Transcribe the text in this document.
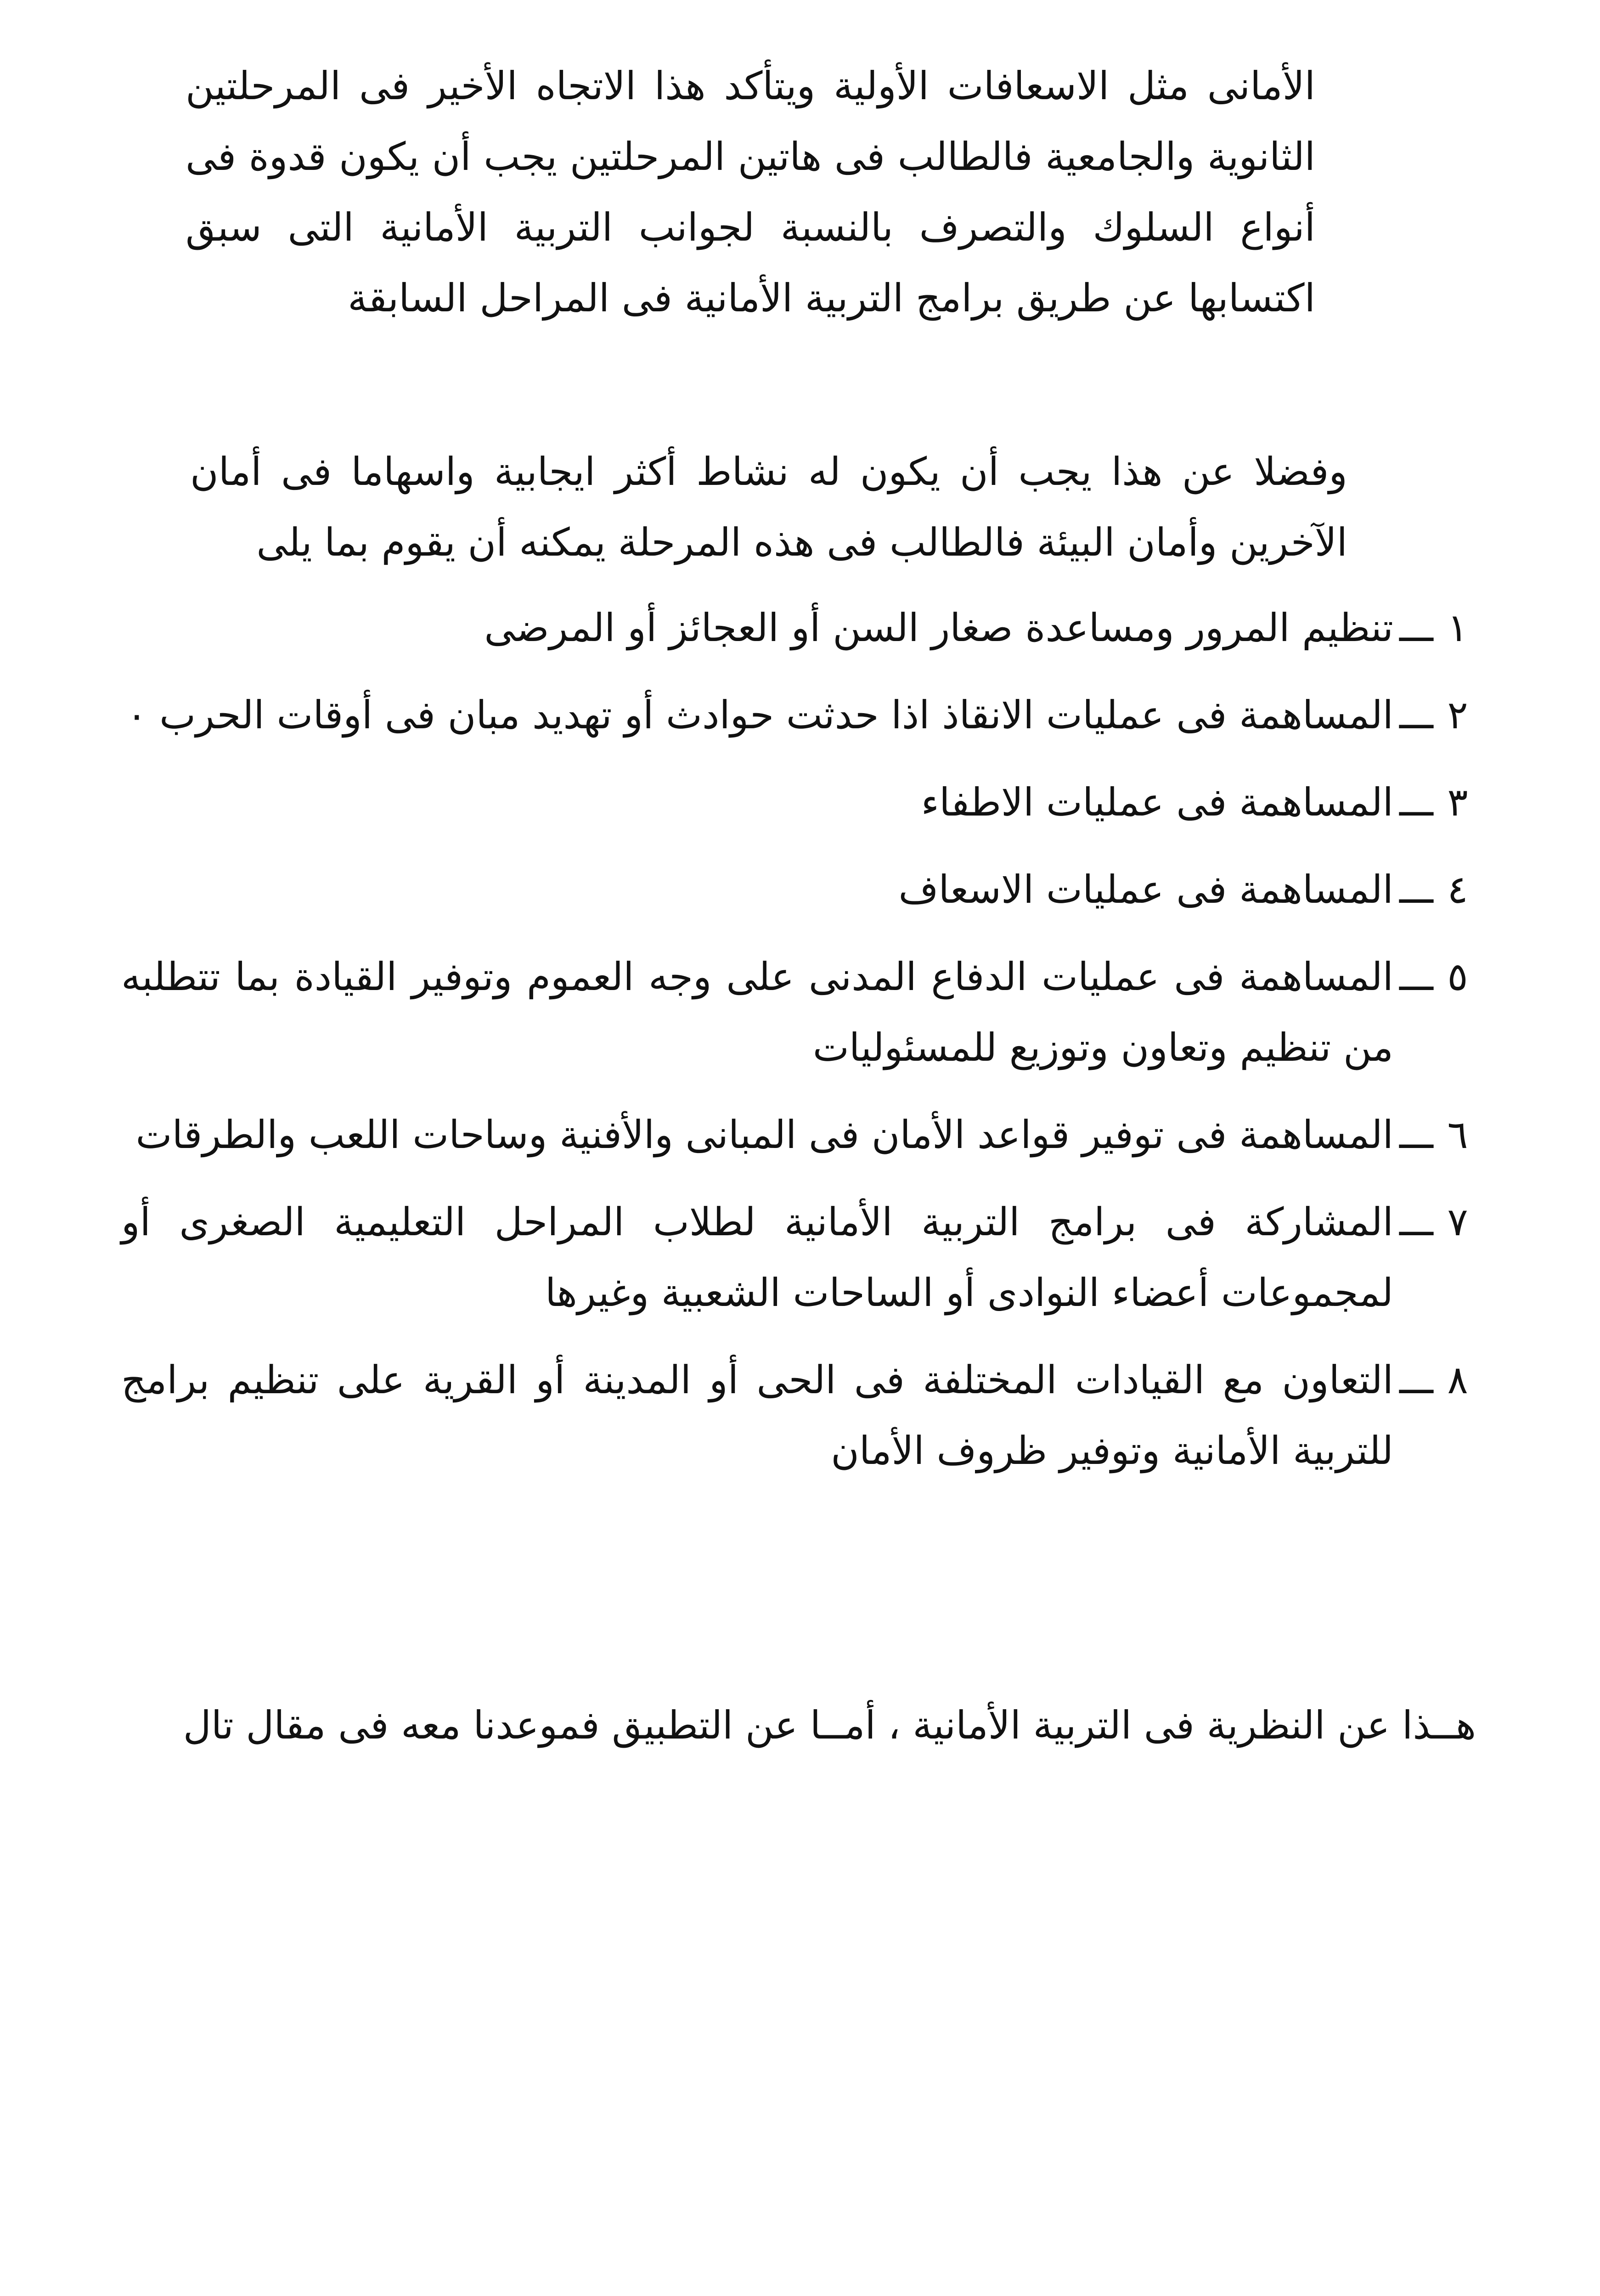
الأمانى مثل الاسعافات الأولية ويتأكد هذا الاتجاه الأخير فى المرحلتين الثانوية والجامعية فالطالب فى هاتين المرحلتين يجب أن يكون قدوة فى أنواع السلوك والتصرف بالنسبة لجوانب التربية الأمانية التى سبق اكتسابها عن طريق برامج التربية الأمانية فى المراحل السابقة

وفضلا عن هذا يجب أن يكون له نشاط أكثر ايجابية واسهاما فى أمان الآخرين وأمان البيئة فالطالب فى هذه المرحلة يمكنه أن يقوم بما يلى

١
ـــ
تنظيم المرور ومساعدة صغار السن أو العجائز أو المرضى
٢
ـــ
المساهمة فى عمليات الانقاذ اذا حدثت حوادث أو تهديد مبان فى أوقات الحرب ٠
٣
ـــ
المساهمة فى عمليات الاطفاء
٤
ـــ
المساهمة فى عمليات الاسعاف
٥
ـــ
المساهمة فى عمليات الدفاع المدنى على وجه العموم وتوفير القيادة بما تتطلبه من تنظيم وتعاون وتوزيع للمسئوليات
٦
ـــ
المساهمة فى توفير قواعد الأمان فى المبانى والأفنية وساحات اللعب والطرقات
٧
ـــ
المشاركة فى برامج التربية الأمانية لطلاب المراحل التعليمية الصغرى أو لمجموعات أعضاء النوادى أو الساحات الشعبية وغيرها
٨
ـــ
التعاون مع القيادات المختلفة فى الحى أو المدينة أو القرية على تنظيم برامج للتربية الأمانية وتوفير ظروف الأمان

هــذا عن النظرية فى التربية الأمانية ، أمــا عن التطبيق فموعدنا معه فى مقال تال
